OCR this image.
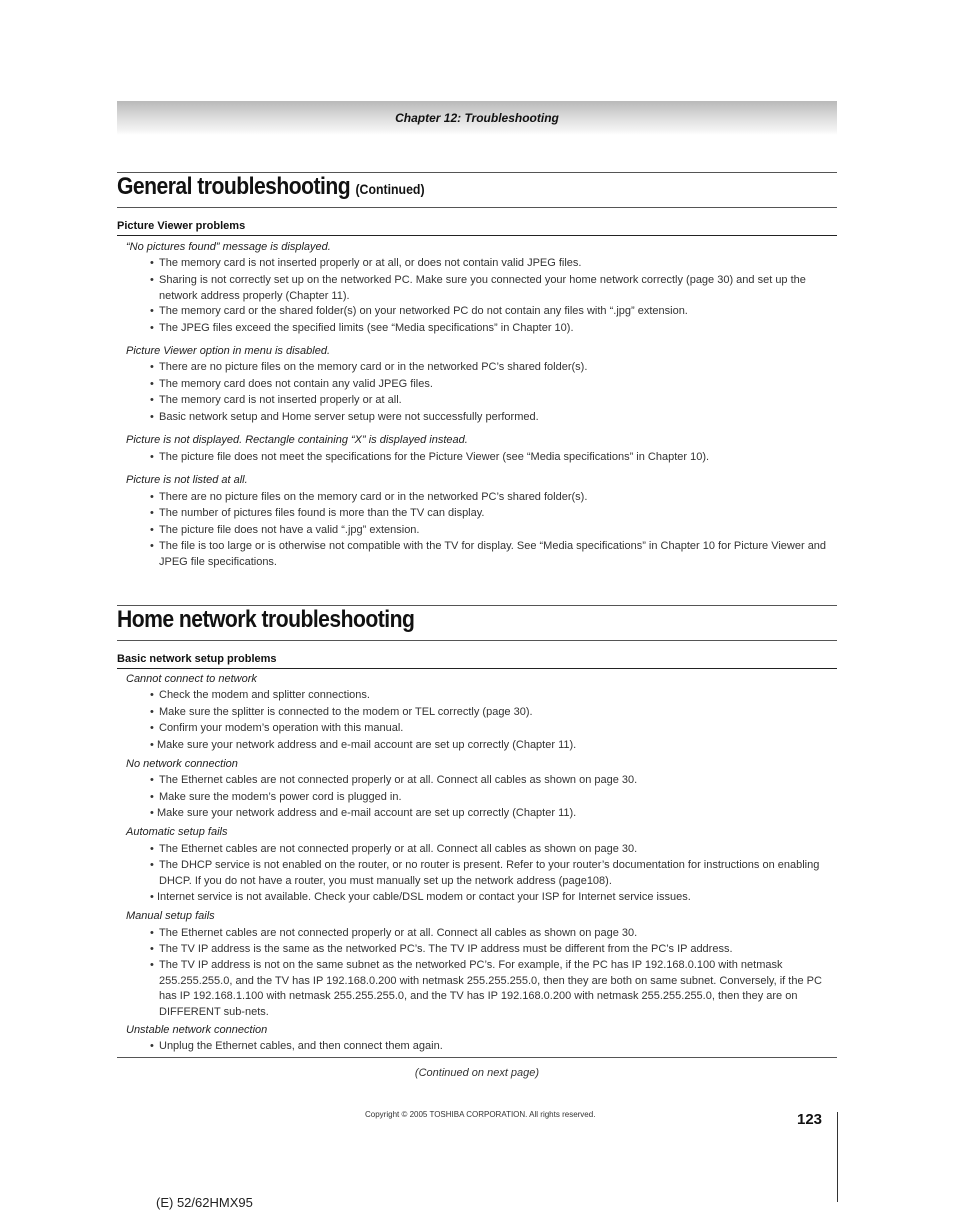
Chapter 12: Troubleshooting
General troubleshooting (Continued)
Picture Viewer problems
“No pictures found” message is displayed.
• The memory card is not inserted properly or at all, or does not contain valid JPEG files.
• Sharing is not correctly set up on the networked PC. Make sure you connected your home network correctly (page 30) and set up the network address properly (Chapter 11).
• The memory card or the shared folder(s) on your networked PC do not contain any files with “.jpg” extension.
• The JPEG files exceed the specified limits (see “Media specifications” in Chapter 10).
Picture Viewer option in menu is disabled.
• There are no picture files on the memory card or in the networked PC’s shared folder(s).
• The memory card does not contain any valid JPEG files.
• The memory card is not inserted properly or at all.
• Basic network setup and Home server setup were not successfully performed.
Picture is not displayed. Rectangle containing “X” is displayed instead.
• The picture file does not meet the specifications for the Picture Viewer (see “Media specifications” in Chapter 10).
Picture is not listed at all.
• There are no picture files on the memory card or in the networked PC’s shared folder(s).
• The number of pictures files found is more than the TV can display.
• The picture file does not have a valid “.jpg” extension.
• The file is too large or is otherwise not compatible with the TV for display. See “Media specifications” in Chapter 10 for Picture Viewer and JPEG file specifications.
Home network troubleshooting
Basic network setup problems
Cannot connect to network
• Check the modem and splitter connections.
• Make sure the splitter is connected to the modem or TEL correctly (page 30).
• Confirm your modem’s operation with this manual.
• Make sure your network address and e-mail account are set up correctly (Chapter 11).
No network connection
• The Ethernet cables are not connected properly or at all. Connect all cables as shown on page 30.
• Make sure the modem’s power cord is plugged in.
• Make sure your network address and e-mail account are set up correctly (Chapter 11).
Automatic setup fails
• The Ethernet cables are not connected properly or at all. Connect all cables as shown on page 30.
• The DHCP service is not enabled on the router, or no router is present. Refer to your router’s documentation for instructions on enabling DHCP. If you do not have a router, you must manually set up the network address (page108).
• Internet service is not available. Check your cable/DSL modem or contact your ISP for Internet service issues.
Manual setup fails
• The Ethernet cables are not connected properly or at all. Connect all cables as shown on page 30.
• The TV IP address is the same as the networked PC’s. The TV IP address must be different from the PC’s IP address.
• The TV IP address is not on the same subnet as the networked PC’s. For example, if the PC has IP 192.168.0.100 with netmask 255.255.255.0, and the TV has IP 192.168.0.200 with netmask 255.255.255.0, then they are both on same subnet. Conversely, if the PC has IP 192.168.1.100 with netmask 255.255.255.0, and the TV has IP 192.168.0.200 with netmask 255.255.255.0, then they are on DIFFERENT sub-nets.
Unstable network connection
• Unplug the Ethernet cables, and then connect them again.
(Continued on next page)
Copyright © 2005 TOSHIBA CORPORATION. All rights reserved.	123
(E) 52/62HMX95
